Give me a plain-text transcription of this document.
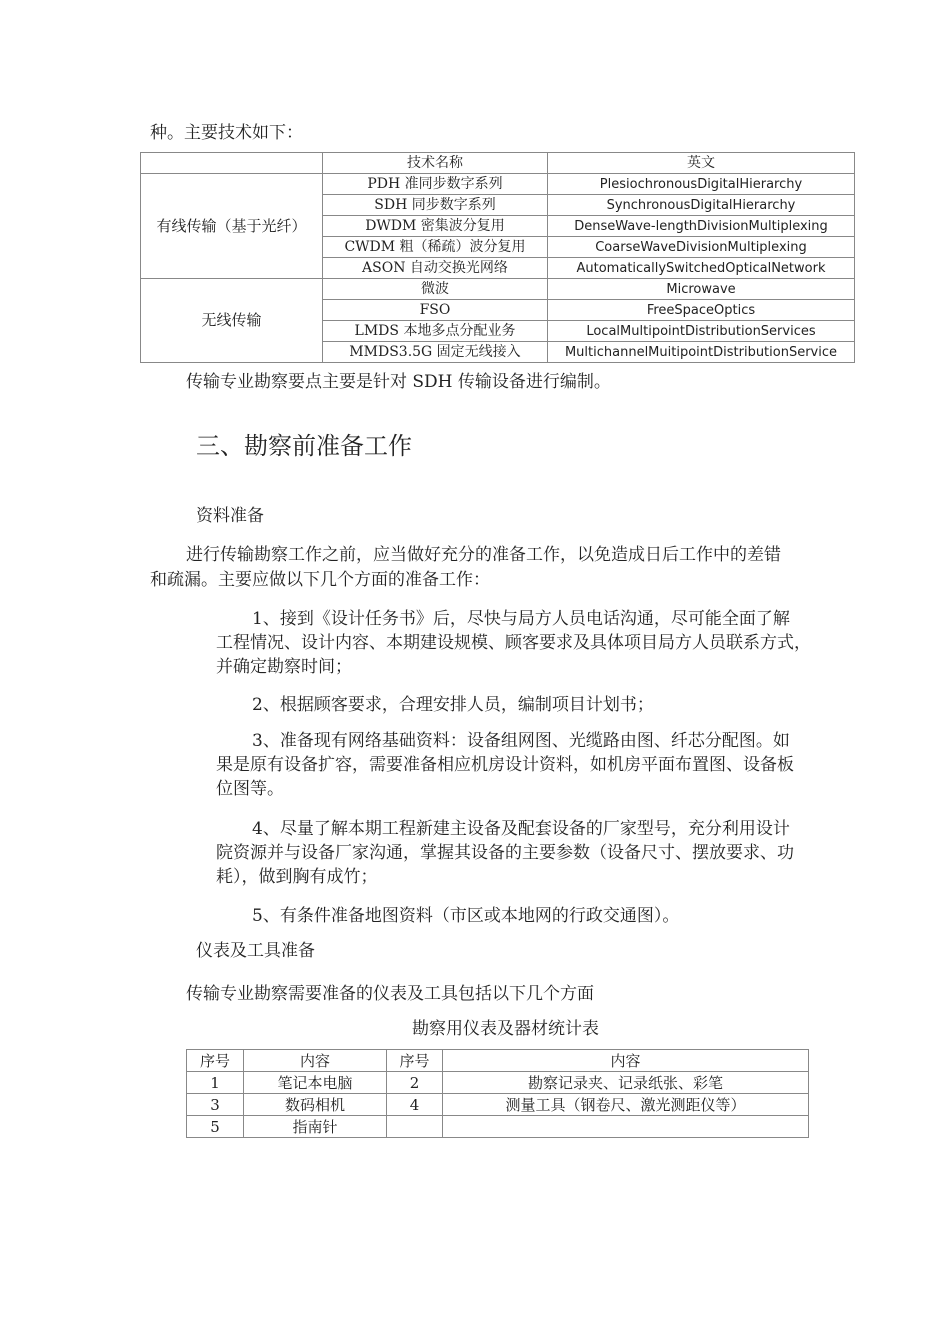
种。主要技术如下：
	技术名称	英文
有线传输（基于光纤）	PDH 准同步数字系列	PlesiochronousDigitalHierarchy
	SDH 同步数字系列	SynchronousDigitalHierarchy
	DWDM 密集波分复用	DenseWave-lengthDivisionMultiplexing
	CWDM 粗（稀疏）波分复用	CoarseWaveDivisionMultiplexing
	ASON 自动交换光网络	AutomaticallySwitchedOpticalNetwork
无线传输	微波	Microwave
	FSO	FreeSpaceOptics
	LMDS 本地多点分配业务	LocalMultipointDistributionServices
	MMDS3.5G 固定无线接入	MultichannelMuitipointDistributionService
传输专业勘察要点主要是针对 SDH 传输设备进行编制。
三、勘察前准备工作
资料准备
进行传输勘察工作之前，应当做好充分的准备工作，以免造成日后工作中的差错
和疏漏。主要应做以下几个方面的准备工作：
1、接到《设计任务书》后，尽快与局方人员电话沟通，尽可能全面了解
工程情况、设计内容、本期建设规模、顾客要求及具体项目局方人员联系方式，
并确定勘察时间；
2、根据顾客要求，合理安排人员，编制项目计划书；
3、准备现有网络基础资料：设备组网图、光缆路由图、纤芯分配图。如
果是原有设备扩容，需要准备相应机房设计资料，如机房平面布置图、设备板
位图等。
4、尽量了解本期工程新建主设备及配套设备的厂家型号，充分利用设计
院资源并与设备厂家沟通，掌握其设备的主要参数（设备尺寸、摆放要求、功
耗），做到胸有成竹；
5、有条件准备地图资料（市区或本地网的行政交通图）。
仪表及工具准备
传输专业勘察需要准备的仪表及工具包括以下几个方面
勘察用仪表及器材统计表
序号	内容	序号	内容
1	笔记本电脑	2	勘察记录夹、记录纸张、彩笔
3	数码相机	4	测量工具（钢卷尺、激光测距仪等）
5	指南针		
